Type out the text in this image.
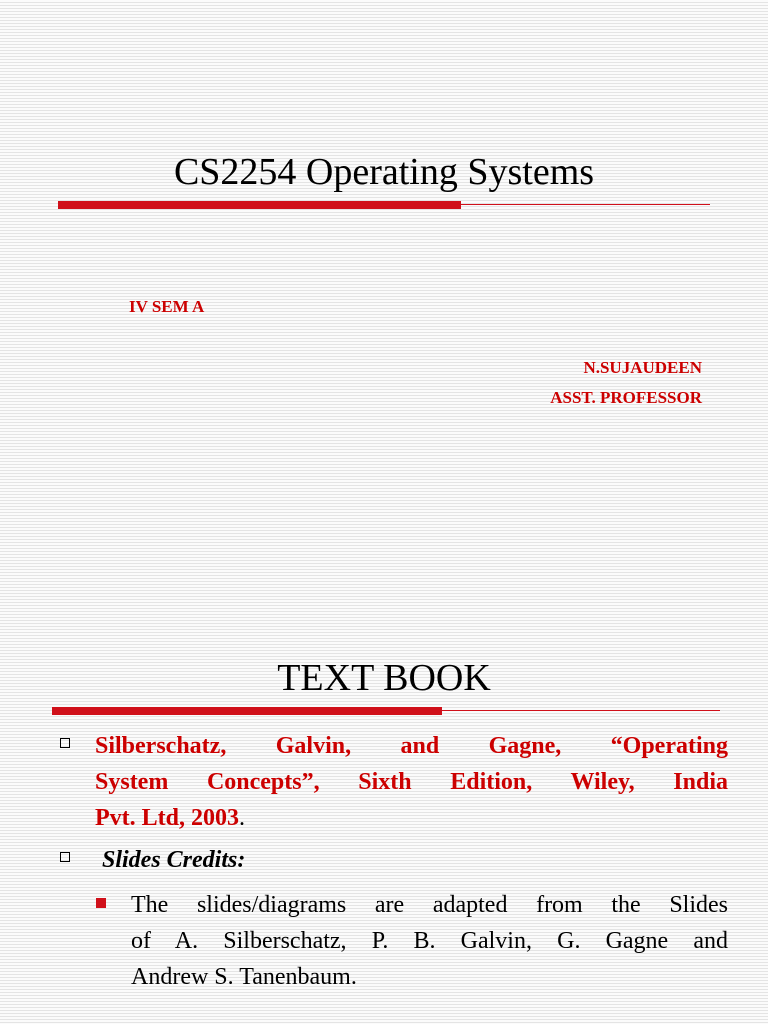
CS2254 Operating Systems
IV SEM A
N.SUJAUDEEN
ASST. PROFESSOR
TEXT BOOK
Silberschatz, Galvin, and Gagne, “Operating
System Concepts”, Sixth Edition, Wiley, India
Pvt. Ltd, 2003.
Slides Credits:
The slides/diagrams are adapted from the Slides
of A. Silberschatz, P. B. Galvin, G. Gagne and
Andrew S. Tanenbaum.
